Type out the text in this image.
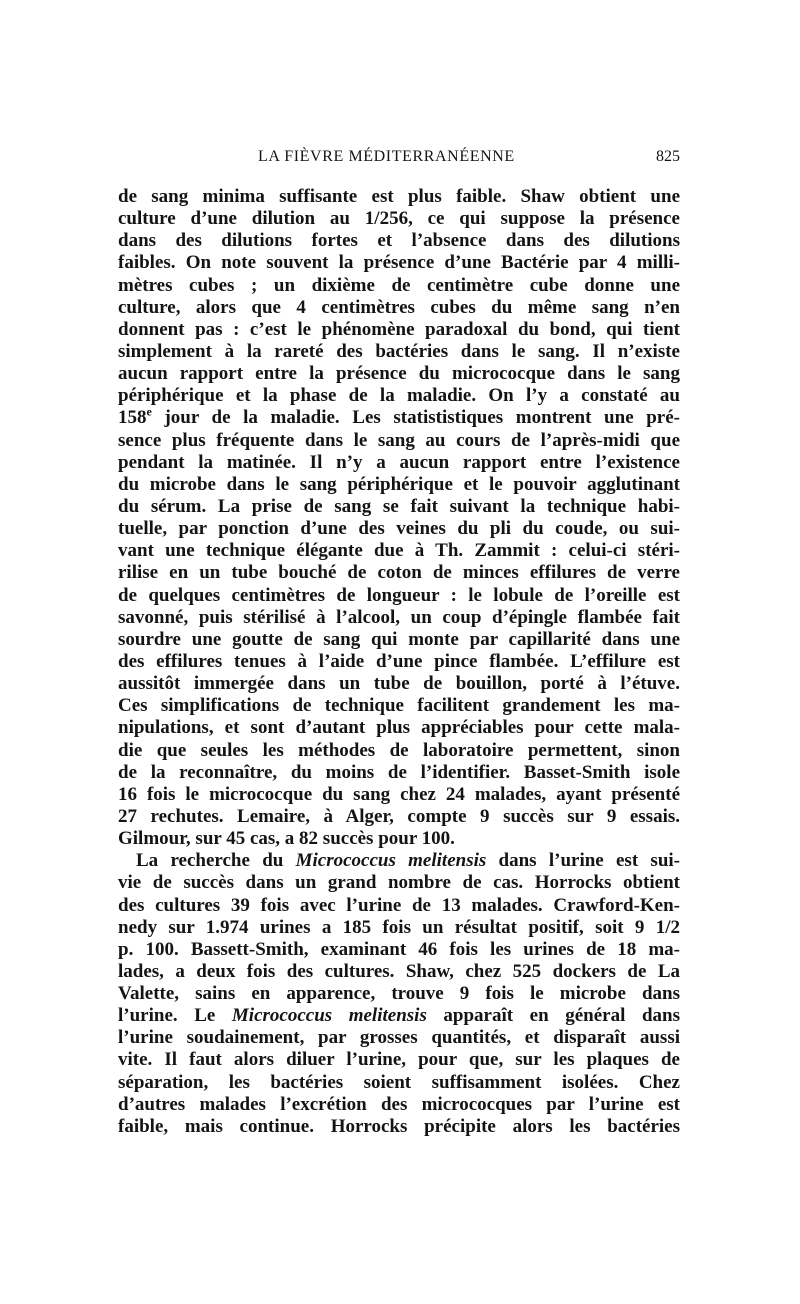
LA FIÈVRE MÉDITERRANÉENNE	825
de sang minima suffisante est plus faible. Shaw obtient une
culture d’une dilution au 1/256, ce qui suppose la présence
dans des dilutions fortes et l’absence dans des dilutions
faibles. On note souvent la présence d’une Bactérie par 4 milli-
mètres cubes ; un dixième de centimètre cube donne une
culture, alors que 4 centimètres cubes du même sang n’en
donnent pas : c’est le phénomène paradoxal du bond, qui tient
simplement à la rareté des bactéries dans le sang. Il n’existe
aucun rapport entre la présence du micrococque dans le sang
périphérique et la phase de la maladie. On l’y a constaté au
158e jour de la maladie. Les statististiques montrent une pré-
sence plus fréquente dans le sang au cours de l’après-midi que
pendant la matinée. Il n’y a aucun rapport entre l’existence
du microbe dans le sang périphérique et le pouvoir agglutinant
du sérum. La prise de sang se fait suivant la technique habi-
tuelle, par ponction d’une des veines du pli du coude, ou sui-
vant une technique élégante due à Th. Zammit : celui-ci stéri-
rilise en un tube bouché de coton de minces effilures de verre
de quelques centimètres de longueur : le lobule de l’oreille est
savonné, puis stérilisé à l’alcool, un coup d’épingle flambée fait
sourdre une goutte de sang qui monte par capillarité dans une
des effilures tenues à l’aide d’une pince flambée. L’effilure est
aussitôt immergée dans un tube de bouillon, porté à l’étuve.
Ces simplifications de technique facilitent grandement les ma-
nipulations, et sont d’autant plus appréciables pour cette mala-
die que seules les méthodes de laboratoire permettent, sinon
de la reconnaître, du moins de l’identifier. Basset-Smith isole
16 fois le micrococque du sang chez 24 malades, ayant présenté
27 rechutes. Lemaire, à Alger, compte 9 succès sur 9 essais.
Gilmour, sur 45 cas, a 82 succès pour 100.
La recherche du Micrococcus melitensis dans l’urine est sui-
vie de succès dans un grand nombre de cas. Horrocks obtient
des cultures 39 fois avec l’urine de 13 malades. Crawford-Ken-
nedy sur 1.974 urines a 185 fois un résultat positif, soit 9 1/2
p. 100. Bassett-Smith, examinant 46 fois les urines de 18 ma-
lades, a deux fois des cultures. Shaw, chez 525 dockers de La
Valette, sains en apparence, trouve 9 fois le microbe dans
l’urine. Le Micrococcus melitensis apparaît en général dans
l’urine soudainement, par grosses quantités, et disparaît aussi
vite. Il faut alors diluer l’urine, pour que, sur les plaques de
séparation, les bactéries soient suffisamment isolées. Chez
d’autres malades l’excrétion des micrococques par l’urine est
faible, mais continue. Horrocks précipite alors les bactéries
